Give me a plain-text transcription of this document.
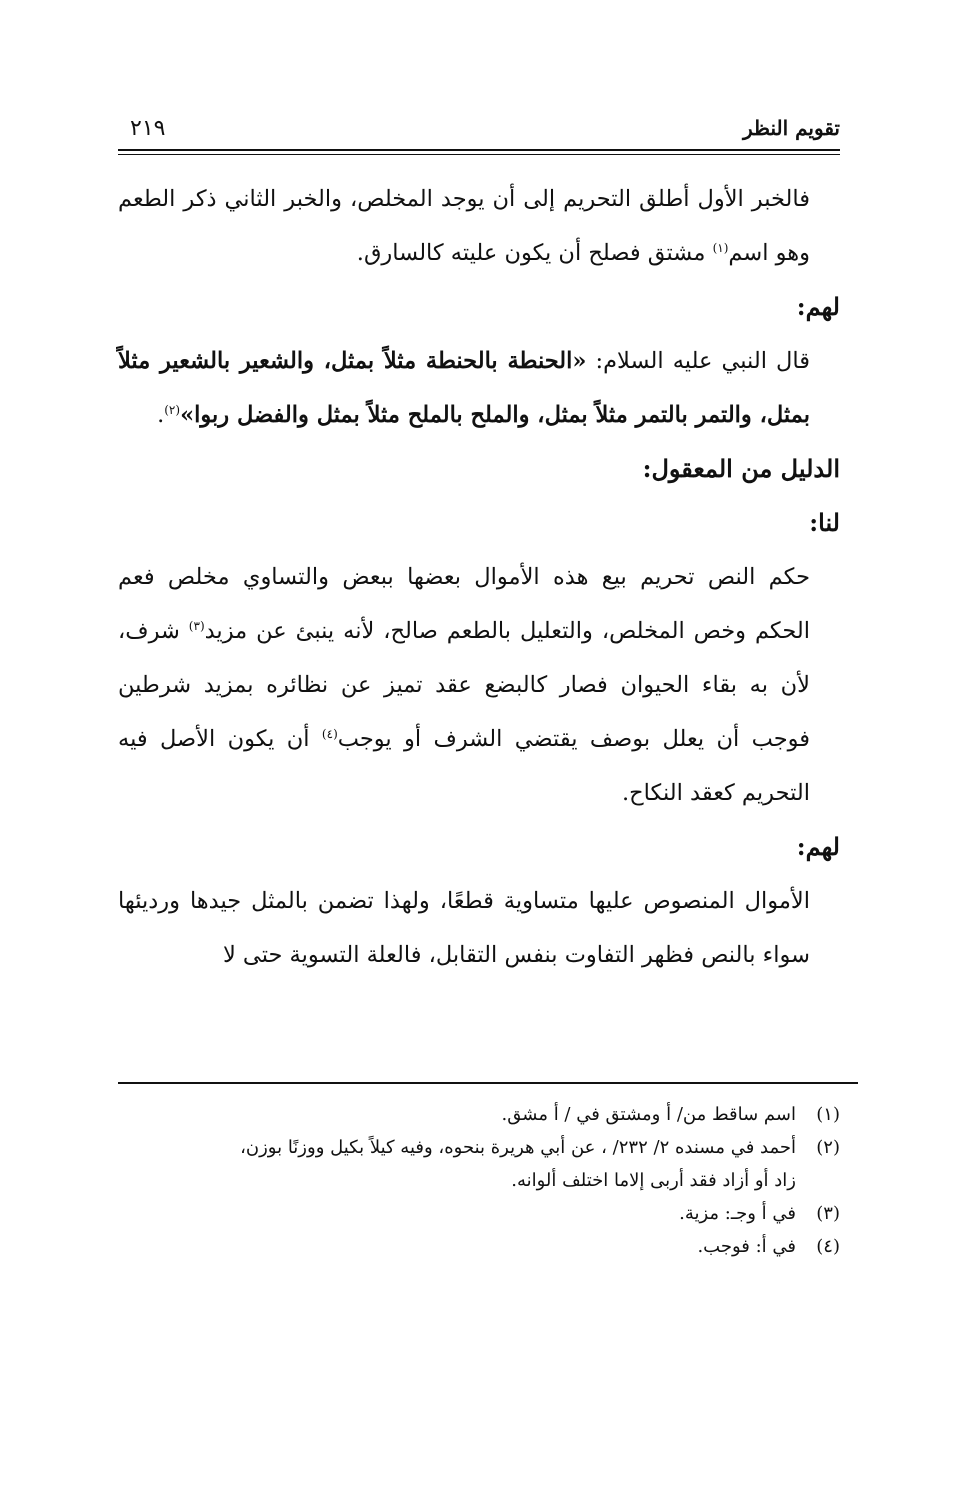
تقويم النظر
٢١٩

فالخبر الأول أطلق التحريم إلى أن يوجد المخلص، والخبر الثاني ذكر الطعم وهو اسم$^{(١)}$ مشتق فصلح أن يكون عليته كالسارق.

لهم:

قال النبي عليه السلام: «الحنطة بالحنطة مثلاً بمثل، والشعير بالشعير مثلاً بمثل، والتمر بالتمر مثلاً بمثل، والملح بالملح مثلاً بمثل والفضل ربوا»$^{(٢)}$.

الدليل من المعقول:

لنا:

حكم النص تحريم بيع هذه الأموال بعضها ببعض والتساوي مخلص فعم الحكم وخص المخلص، والتعليل بالطعم صالح، لأنه ينبئ عن مزيد$^{(٣)}$ شرف، لأن به بقاء الحيوان فصار كالبضع عقد تميز عن نظائره بمزيد شرطين فوجب أن يعلل بوصف يقتضي الشرف أو يوجب$^{(٤)}$ أن يكون الأصل فيه التحريم كعقد النكاح.

لهم:

الأموال المنصوص عليها متساوية قطعًا، ولهذا تضمن بالمثل جيدها ورديئها سواء بالنص فظهر التفاوت بنفس التقابل، فالعلة التسوية حتى لا

(١)اسم ساقط من/ أ ومشتق في / أ مشق.

(٢)أحمد في مسنده ٢/ ٢٣٢/ ، عن أبي هريرة بنحوه، وفيه كيلاً بكيل ووزنًا بوزن،
زاد أو أزاد فقد أربى إلاما اختلف ألوانه.

(٣)في أ وجـ: مزية.

(٤)في أ: فوجب.
